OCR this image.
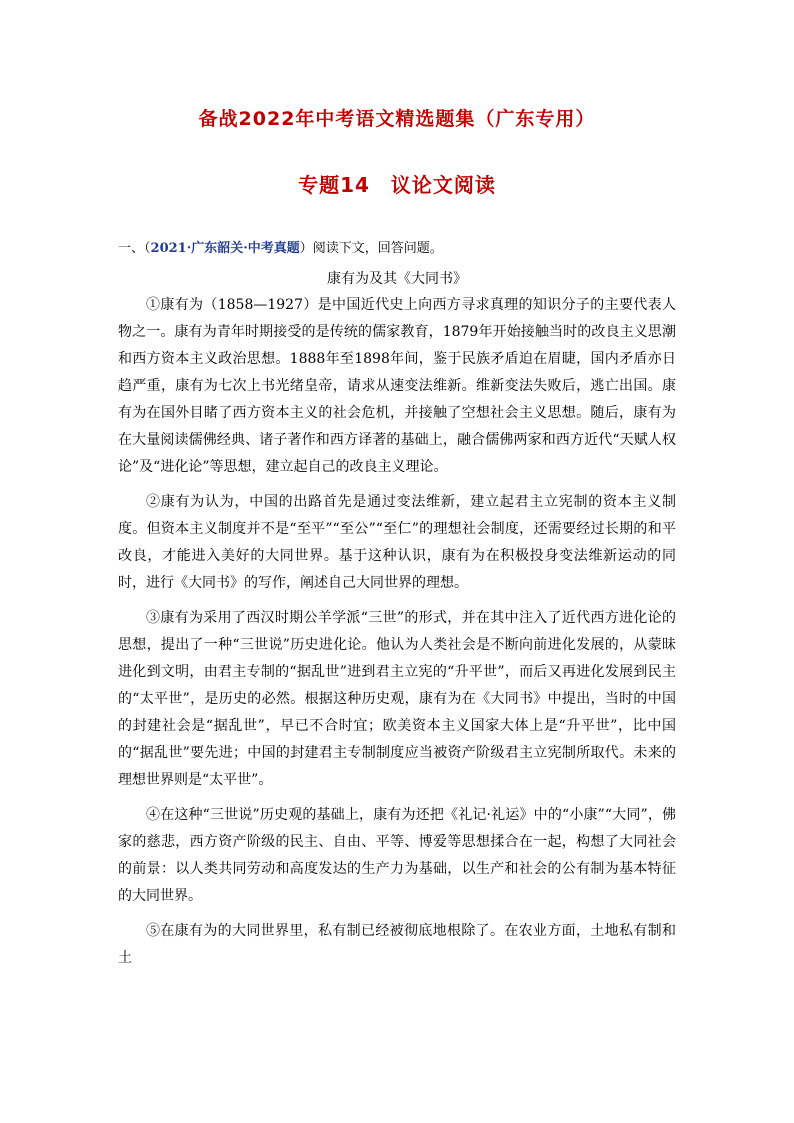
备战2022年中考语文精选题集（广东专用）
专题14　议论文阅读
一、（2021·广东韶关·中考真题）阅读下文，回答问题。
康有为及其《大同书》

①康有为（1858—1927）是中国近代史上向西方寻求真理的知识分子的主要代表人物之一。康有为青年时期接受的是传统的儒家教育，1879年开始接触当时的改良主义思潮和西方资本主义政治思想。1888年至1898年间，鉴于民族矛盾迫在眉睫，国内矛盾亦日趋严重，康有为七次上书光绪皇帝，请求从速变法维新。维新变法失败后，逃亡出国。康有为在国外目睹了西方资本主义的社会危机，并接触了空想社会主义思想。随后，康有为在大量阅读儒佛经典、诸子著作和西方译著的基础上，融合儒佛两家和西方近代“天赋人权论”及“进化论”等思想，建立起自己的改良主义理论。

②康有为认为，中国的出路首先是通过变法维新，建立起君主立宪制的资本主义制度。但资本主义制度并不是“至平”“至公”“至仁”的理想社会制度，还需要经过长期的和平改良，才能进入美好的大同世界。基于这种认识，康有为在积极投身变法维新运动的同时，进行《大同书》的写作，阐述自己大同世界的理想。

③康有为采用了西汉时期公羊学派“三世”的形式，并在其中注入了近代西方进化论的思想，提出了一种“三世说”历史进化论。他认为人类社会是不断向前进化发展的，从蒙昧进化到文明，由君主专制的“据乱世”进到君主立宪的“升平世”，而后又再进化发展到民主的“太平世”，是历史的必然。根据这种历史观，康有为在《大同书》中提出，当时的中国的封建社会是“据乱世”，早已不合时宜；欧美资本主义国家大体上是“升平世”，比中国的“据乱世”要先进；中国的封建君主专制制度应当被资产阶级君主立宪制所取代。未来的理想世界则是“太平世”。

④在这种“三世说”历史观的基础上，康有为还把《礼记·礼运》中的“小康”“大同”，佛家的慈悲，西方资产阶级的民主、自由、平等、博爱等思想揉合在一起，构想了大同社会的前景：以人类共同劳动和高度发达的生产力为基础，以生产和社会的公有制为基本特征的大同世界。

⑤在康有为的大同世界里，私有制已经被彻底地根除了。在农业方面，土地私有制和土
